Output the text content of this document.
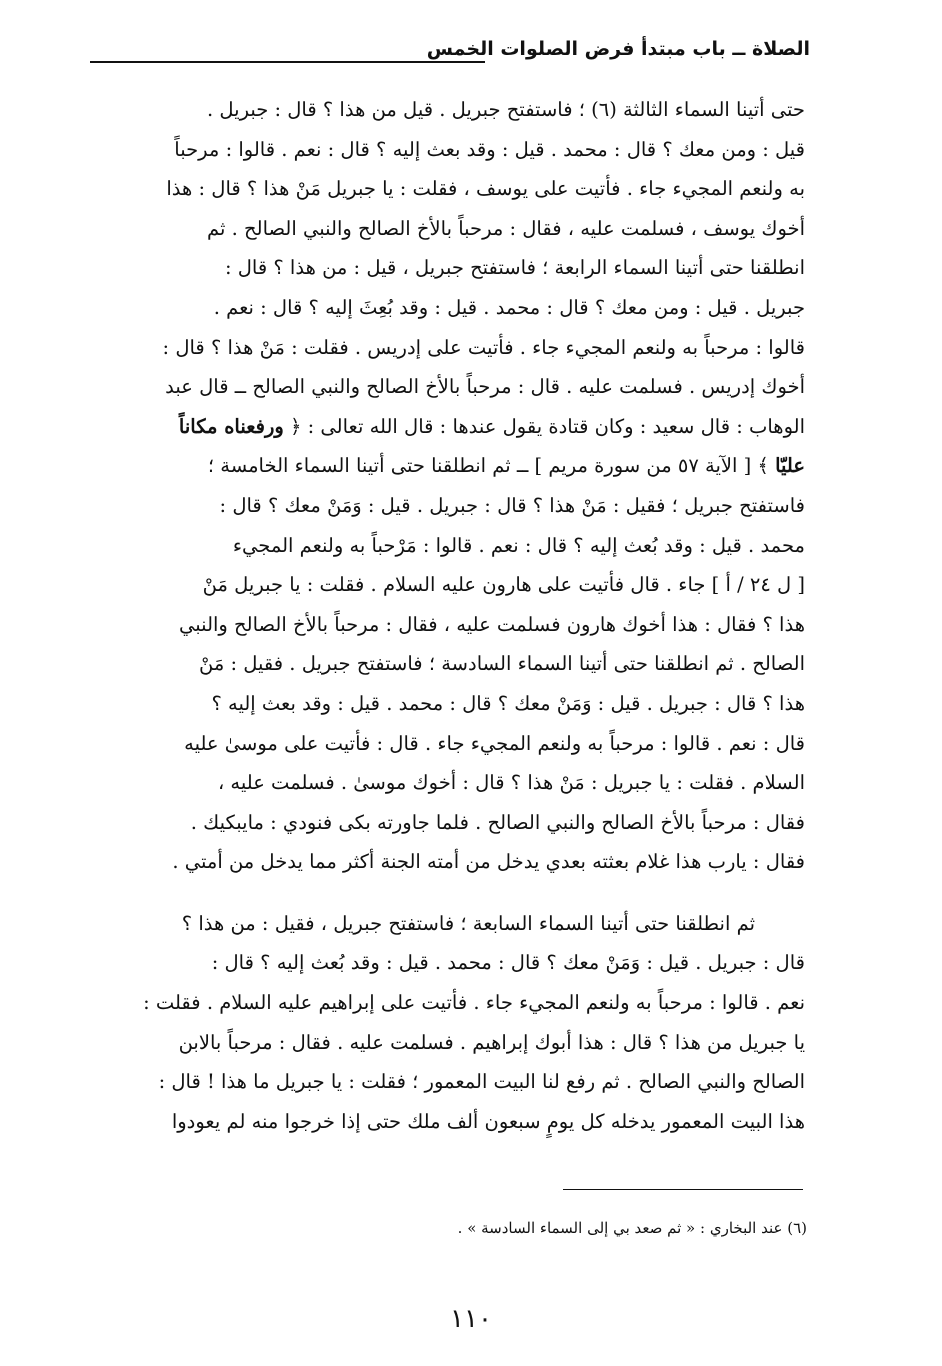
الصلاة ــ باب مبتدأ فرض الصلوات الخمس
حتى أتينا السماء الثالثة (٦) ؛ فاستفتح جبريل . قيل من هذا ؟ قال : جبريل .
قيل : ومن معك ؟ قال : محمد . قيل : وقد بعث إليه ؟ قال : نعم . قالوا : مرحباً
به ولنعم المجيء جاء . فأتيت على يوسف ، فقلت : يا جبريل مَنْ هذا ؟ قال : هذا
أخوك يوسف ، فسلمت عليه ، فقال : مرحباً بالأخ الصالح والنبي الصالح . ثم
انطلقنا حتى أتينا السماء الرابعة ؛ فاستفتح جبريل ، قيل : من هذا ؟ قال :
جبريل . قيل : ومن معك ؟ قال : محمد . قيل : وقد بُعِثَ إليه ؟ قال : نعم .
قالوا : مرحباً به ولنعم المجيء جاء . فأتيت على إدريس . فقلت : مَنْ هذا ؟ قال :
أخوك إدريس . فسلمت عليه . قال : مرحباً بالأخ الصالح والنبي الصالح ــ قال عبد
الوهاب : قال سعيد : وكان قتادة يقول عندها : قال الله تعالى : ﴿ ورفعناه مكاناً
عليّا ﴾ [ الآية ٥٧ من سورة مريم ] ــ ثم انطلقنا حتى أتينا السماء الخامسة ؛
فاستفتح جبريل ؛ فقيل : مَنْ هذا ؟ قال : جبريل . قيل : وَمَنْ معك ؟ قال :
محمد . قيل : وقد بُعث إليه ؟ قال : نعم . قالوا : مَرْحباً به ولنعم المجيء
[ ل ٢٤ / أ ] جاء . قال فأتيت على هارون عليه السلام . فقلت : يا جبريل مَنْ
هذا ؟ فقال : هذا أخوك هارون فسلمت عليه ، فقال : مرحباً بالأخ الصالح والنبي
الصالح . ثم انطلقنا حتى أتينا السماء السادسة ؛ فاستفتح جبريل . فقيل : مَنْ
هذا ؟ قال : جبريل . قيل : وَمَنْ معك ؟ قال : محمد . قيل : وقد بعث إليه ؟
قال : نعم . قالوا : مرحباً به ولنعم المجيء جاء . قال : فأتيت على موسىٰ عليه
السلام . فقلت : يا جبريل : مَنْ هذا ؟ قال : أخوك موسىٰ . فسلمت عليه ،
فقال : مرحباً بالأخ الصالح والنبي الصالح . فلما جاورته بكى فنودي : مايبكيك .
فقال : يارب هذا غلام بعثته بعدي يدخل من أمته الجنة أكثر مما يدخل من أمتي .
ثم انطلقنا حتى أتينا السماء السابعة ؛ فاستفتح جبريل ، فقيل : من هذا ؟
قال : جبريل . قيل : وَمَنْ معك ؟ قال : محمد . قيل : وقد بُعث إليه ؟ قال :
نعم . قالوا : مرحباً به ولنعم المجيء جاء . فأتيت على إبراهيم عليه السلام . فقلت :
يا جبريل من هذا ؟ قال : هذا أبوك إبراهيم . فسلمت عليه . فقال : مرحباً بالابن
الصالح والنبي الصالح . ثم رفع لنا البيت المعمور ؛ فقلت : يا جبريل ما هذا ! قال :
هذا البيت المعمور يدخله كل يومٍ سبعون ألف ملك حتى إذا خرجوا منه لم يعودوا
(٦) عند البخاري : « ثم صعد بي إلى السماء السادسة » .
١١٠
